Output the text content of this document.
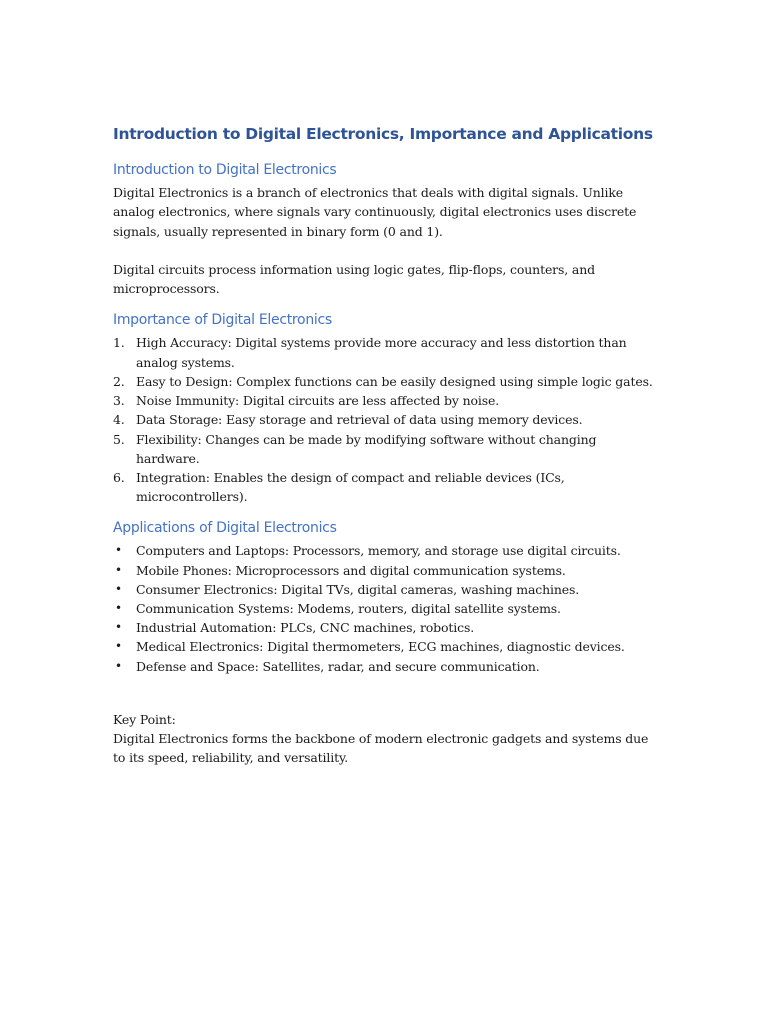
Introduction to Digital Electronics, Importance and Applications
Introduction to Digital Electronics

Digital Electronics is a branch of electronics that deals with digital signals. Unlike analog electronics, where signals vary continuously, digital electronics uses discrete signals, usually represented in binary form (0 and 1).

Digital circuits process information using logic gates, flip-flops, counters, and microprocessors.

Importance of Digital Electronics
1. High Accuracy: Digital systems provide more accuracy and less distortion than analog systems.
2. Easy to Design: Complex functions can be easily designed using simple logic gates.
3. Noise Immunity: Digital circuits are less affected by noise.
4. Data Storage: Easy storage and retrieval of data using memory devices.
5. Flexibility: Changes can be made by modifying software without changing hardware.
6. Integration: Enables the design of compact and reliable devices (ICs, microcontrollers).
Applications of Digital Electronics
• Computers and Laptops: Processors, memory, and storage use digital circuits.
• Mobile Phones: Microprocessors and digital communication systems.
• Consumer Electronics: Digital TVs, digital cameras, washing machines.
• Communication Systems: Modems, routers, digital satellite systems.
• Industrial Automation: PLCs, CNC machines, robotics.
• Medical Electronics: Digital thermometers, ECG machines, diagnostic devices.
• Defense and Space: Satellites, radar, and secure communication.

Key Point:

Digital Electronics forms the backbone of modern electronic gadgets and systems due to its speed, reliability, and versatility.
